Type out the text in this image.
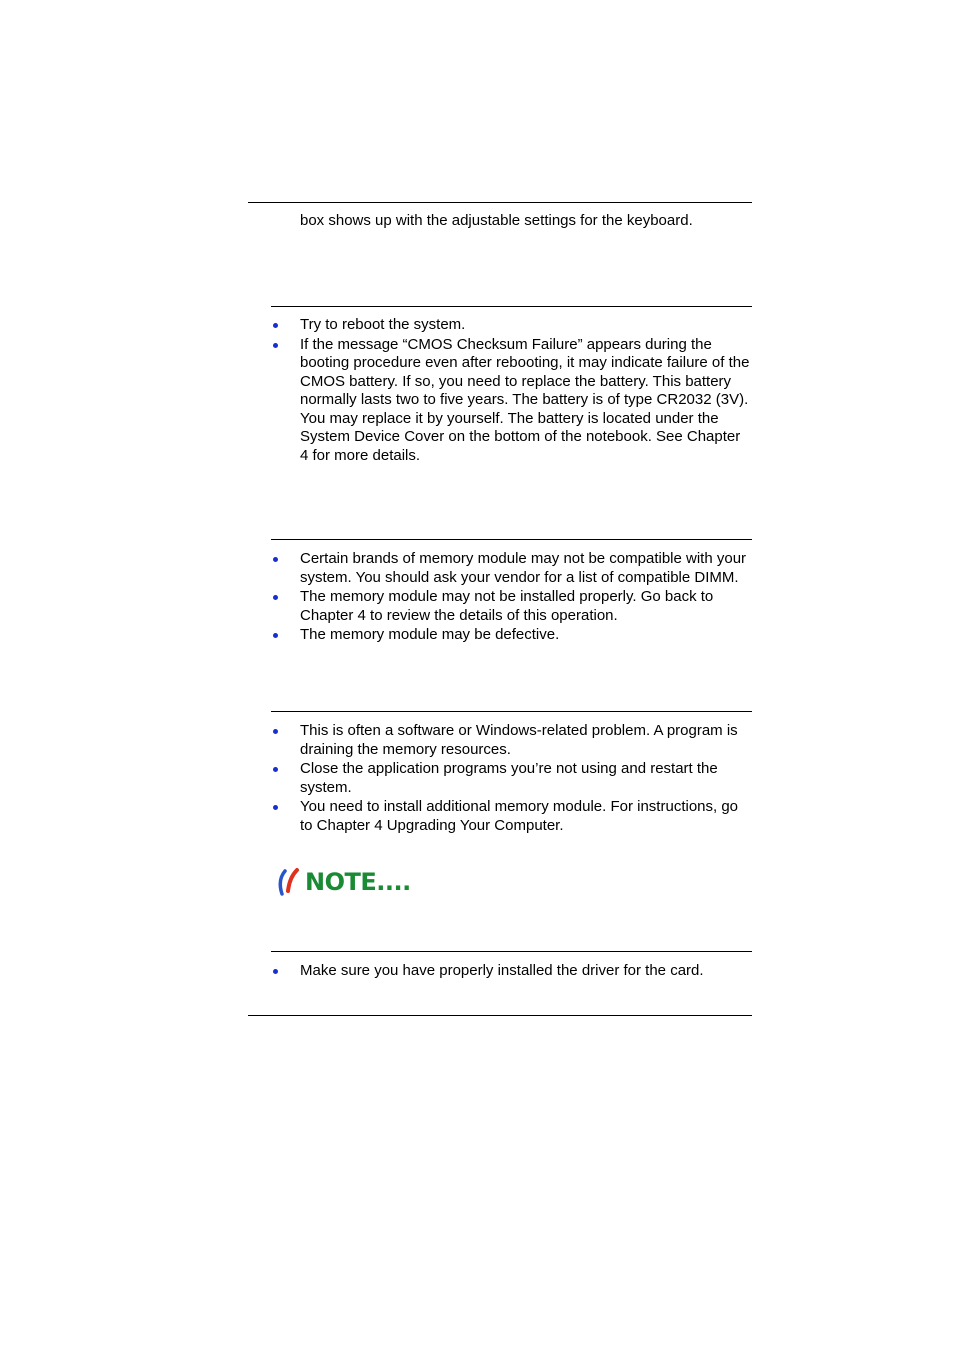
box shows up with the adjustable settings for the keyboard.

Try to reboot the system.
If the message “CMOS Checksum Failure” appears during the booting procedure even after rebooting, it may indicate failure of the CMOS battery. If so, you need to replace the battery. This battery normally lasts two to five years. The battery is of type CR2032 (3V). You may replace it by yourself. The battery is located under the System Device Cover on the bottom of the notebook. See Chapter 4 for more details.
Certain brands of memory module may not be compatible with your system. You should ask your vendor for a list of compatible DIMM.
The memory module may not be installed properly. Go back to Chapter 4 to review the details of this operation.
The memory module may be defective.
This is often a software or Windows-related problem. A program is draining the memory resources.
Close the application programs you’re not using and restart the system.
You need to install additional memory module. For instructions, go to Chapter 4 Upgrading Your Computer.
NOTE....
Make sure you have properly installed the driver for the card.
